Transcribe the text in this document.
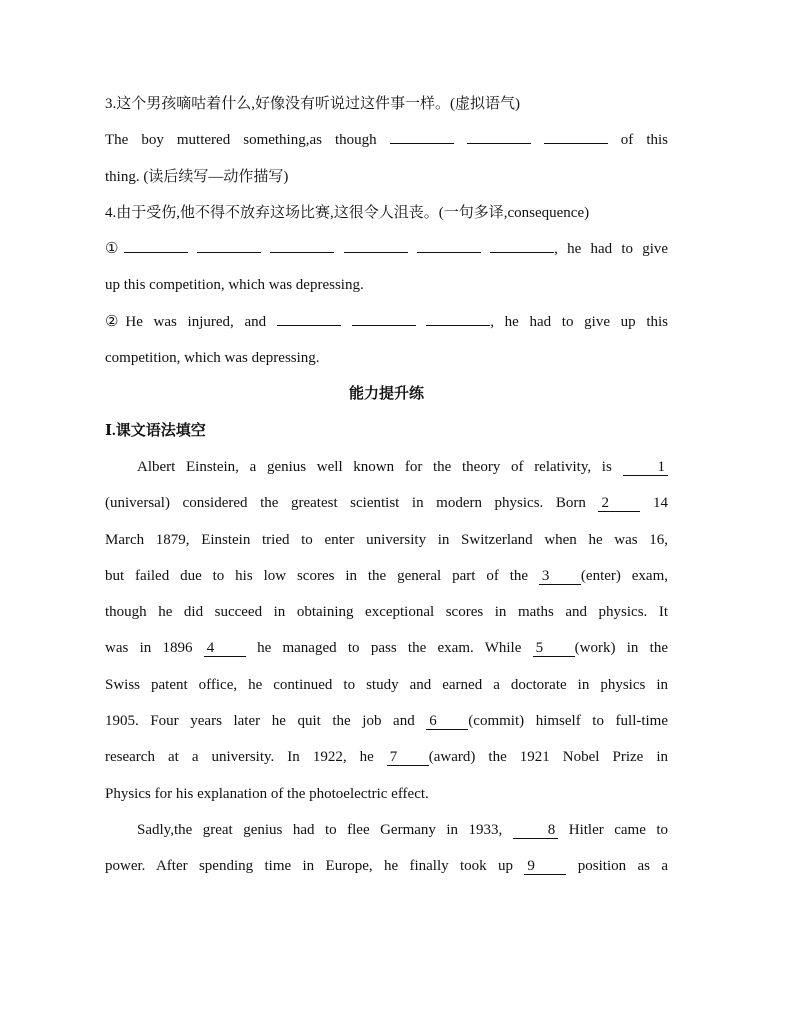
3.这个男孩嘀咕着什么,好像没有听说过这件事一样。(虚拟语气)
The boy muttered something,as though	of this
thing. (读后续写—动作描写)
4.由于受伤,他不得不放弃这场比赛,这很令人沮丧。(一句多译,consequence)
①	, he had to give
up this competition, which was depressing.
②He was injured, and	, he had to give up this
competition, which was depressing.
能力提升练
Ⅰ.课文语法填空
Albert Einstein, a genius well known for the theory of relativity, is	1
(universal) considered the greatest scientist in modern physics. Born 2	14
March 1879, Einstein tried to enter university in Switzerland when he was 16,
but failed due to his low scores in the general part of the 3 (enter) exam,
though he did succeed in obtaining exceptional scores in maths and physics. It
was in 1896 4	he managed to pass the exam. While 5 (work) in the
Swiss patent office, he continued to study and earned a doctorate in physics in
1905. Four years later he quit the job and 6 (commit) himself to full-time
research at a university. In 1922, he 7 (award) the 1921 Nobel Prize in
Physics for his explanation of the photoelectric effect.
Sadly,the great genius had to flee Germany in 1933,	8 Hitler came to
power. After spending time in Europe, he finally took up 9	position as a
